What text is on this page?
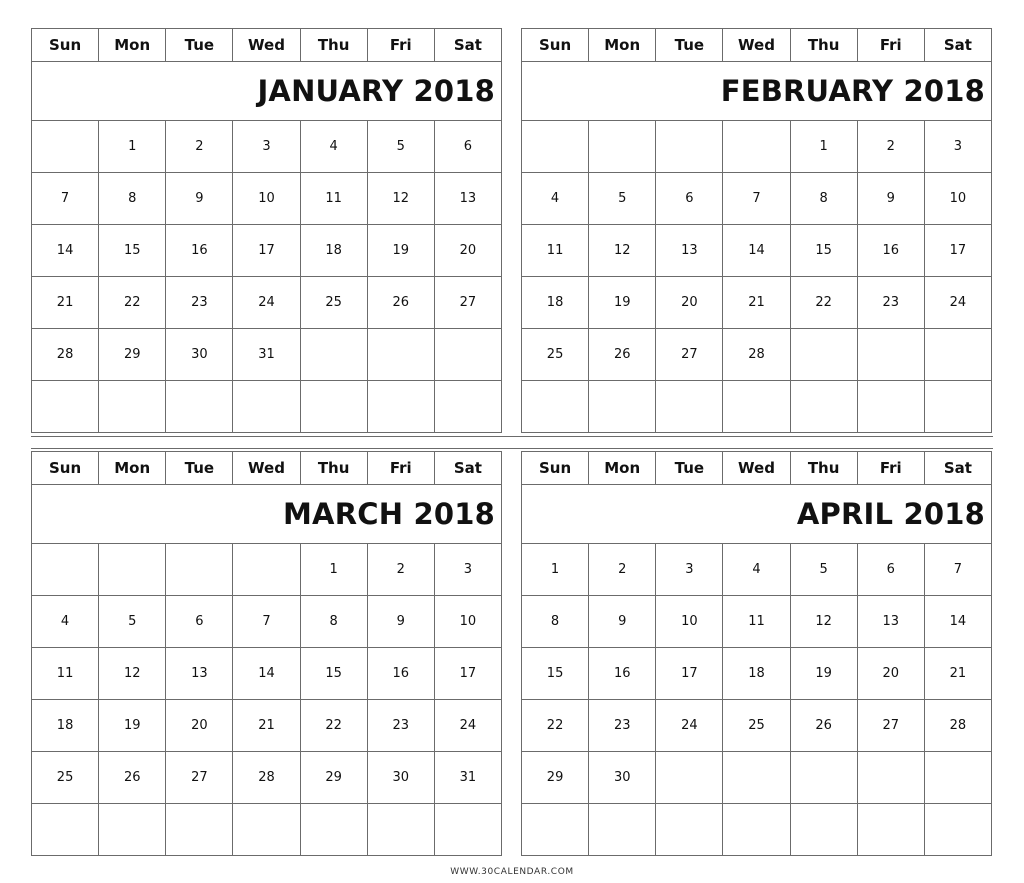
Sun	Mon	Tue	Wed	Thu	Fri	Sat
JANUARY 2018						
	1	2	3	4	5	6
7	8	9	10	11	12	13
14	15	16	17	18	19	20
21	22	23	24	25	26	27
28	29	30	31			

Sun	Mon	Tue	Wed	Thu	Fri	Sat
FEBRUARY 2018						
				1	2	3
4	5	6	7	8	9	10
11	12	13	14	15	16	17
18	19	20	21	22	23	24
25	26	27	28			

Sun	Mon	Tue	Wed	Thu	Fri	Sat
MARCH 2018						
				1	2	3
4	5	6	7	8	9	10
11	12	13	14	15	16	17
18	19	20	21	22	23	24
25	26	27	28	29	30	31

Sun	Mon	Tue	Wed	Thu	Fri	Sat
APRIL 2018						
1	2	3	4	5	6	7
8	9	10	11	12	13	14
15	16	17	18	19	20	21
22	23	24	25	26	27	28
29	30					

WWW.30CALENDAR.COM
